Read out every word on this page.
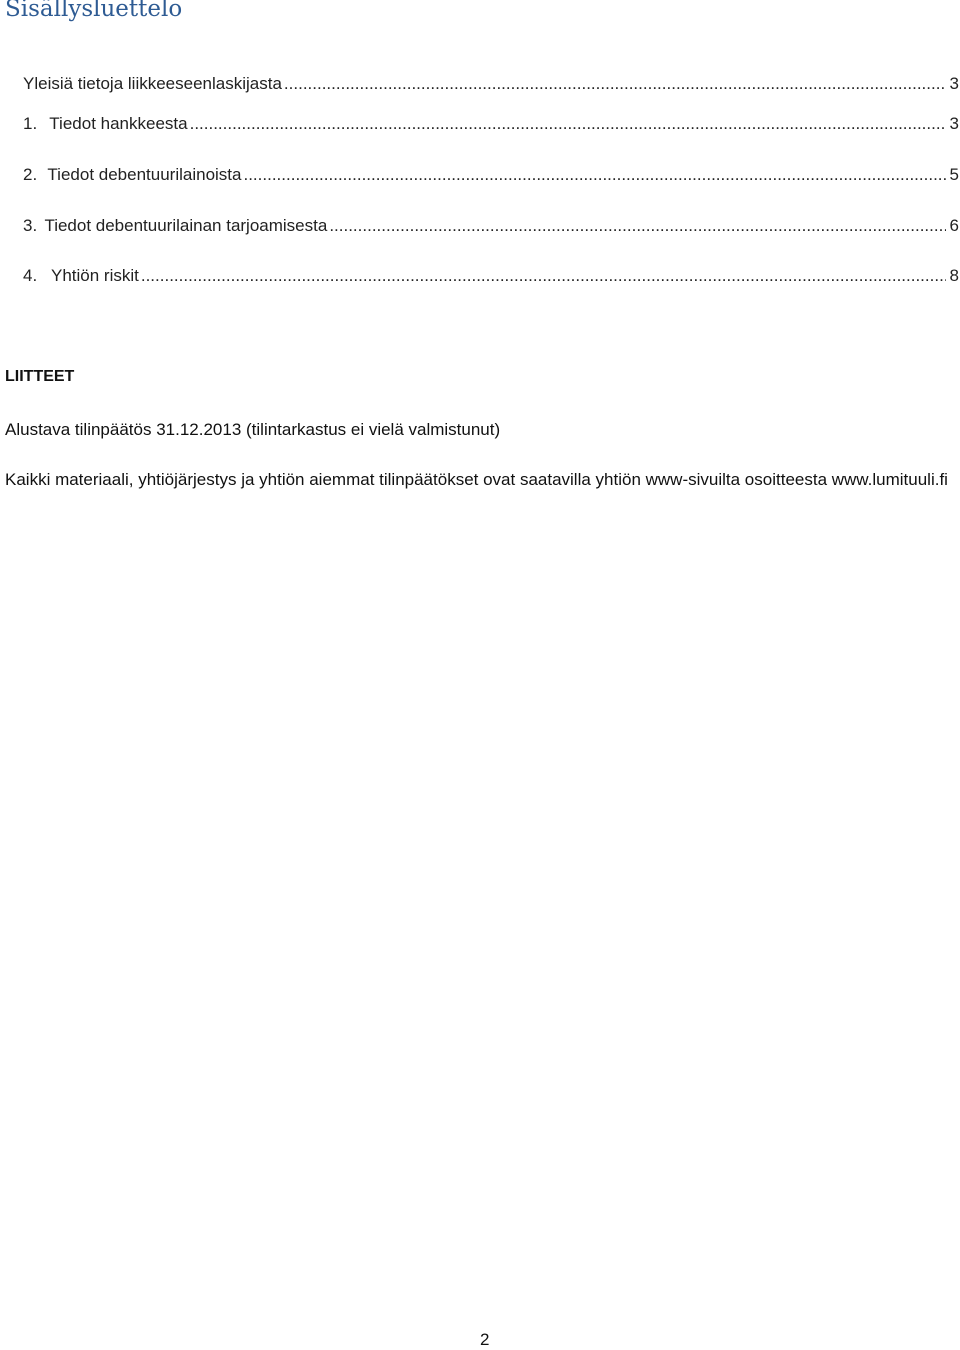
Sisällysluettelo
Yleisiä tietoja liikkeeseenlaskijasta .....	3
1. Tiedot hankkeesta .....	3
2. Tiedot debentuurilainoista .....	5
3. Tiedot debentuurilainan tarjoamisesta .....	6
4. Yhtiön riskit .....	8
LIITTEET
Alustava tilinpäätös 31.12.2013 (tilintarkastus ei vielä valmistunut)
Kaikki materiaali, yhtiöjärjestys ja yhtiön aiemmat tilinpäätökset ovat saatavilla yhtiön www-sivuilta osoitteesta www.lumituuli.fi
2
